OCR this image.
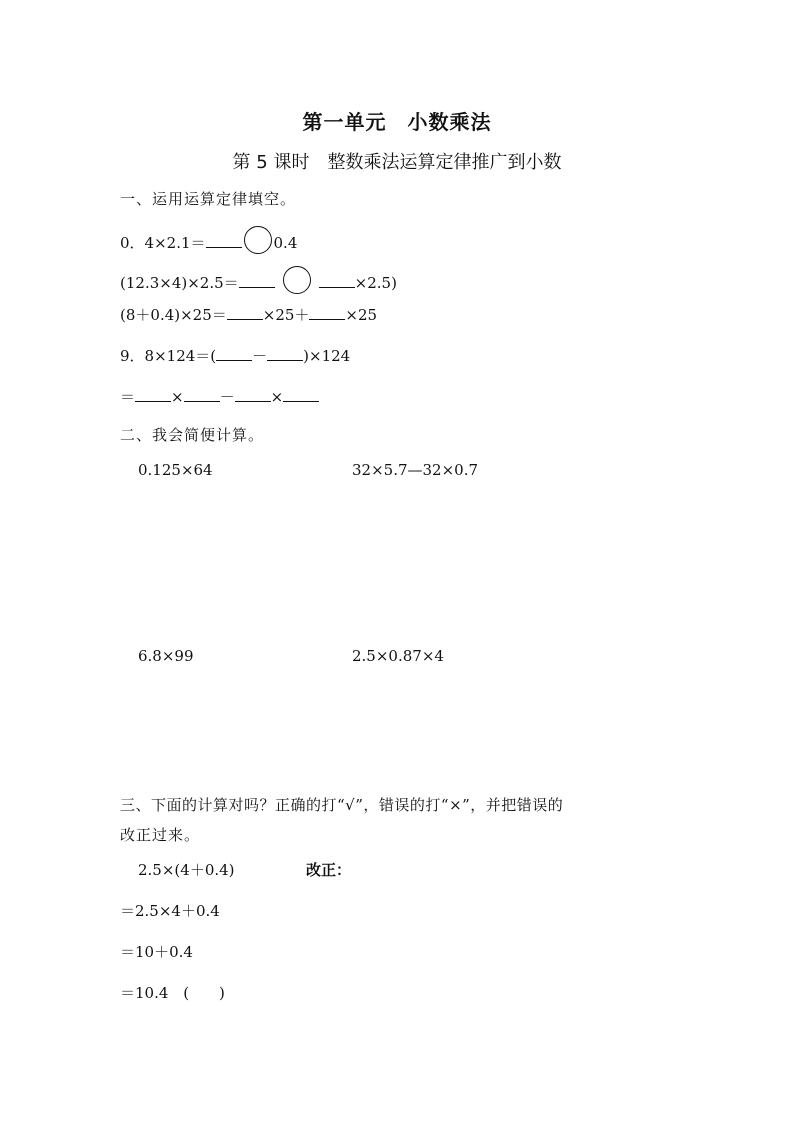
第一单元　小数乘法
第 5 课时　整数乘法运算定律推广到小数
一、运用运算定律填空。
0．4×2.1＝	0.4
(12.3×4)×2.5＝	×2.5)
(8＋0.4)×25＝ ×25＋ ×25
9．8×124＝( － )×124
＝ × － ×
二、我会简便计算。
0.125×64	32×5.7—32×0.7
6.8×99	2.5×0.87×4
三、下面的计算对吗？正确的打“√”，错误的打“×”，并把错误的
改正过来。
2.5×(4＋0.4)	改正：
＝2.5×4＋0.4
＝10＋0.4
＝10.4 (　　)
